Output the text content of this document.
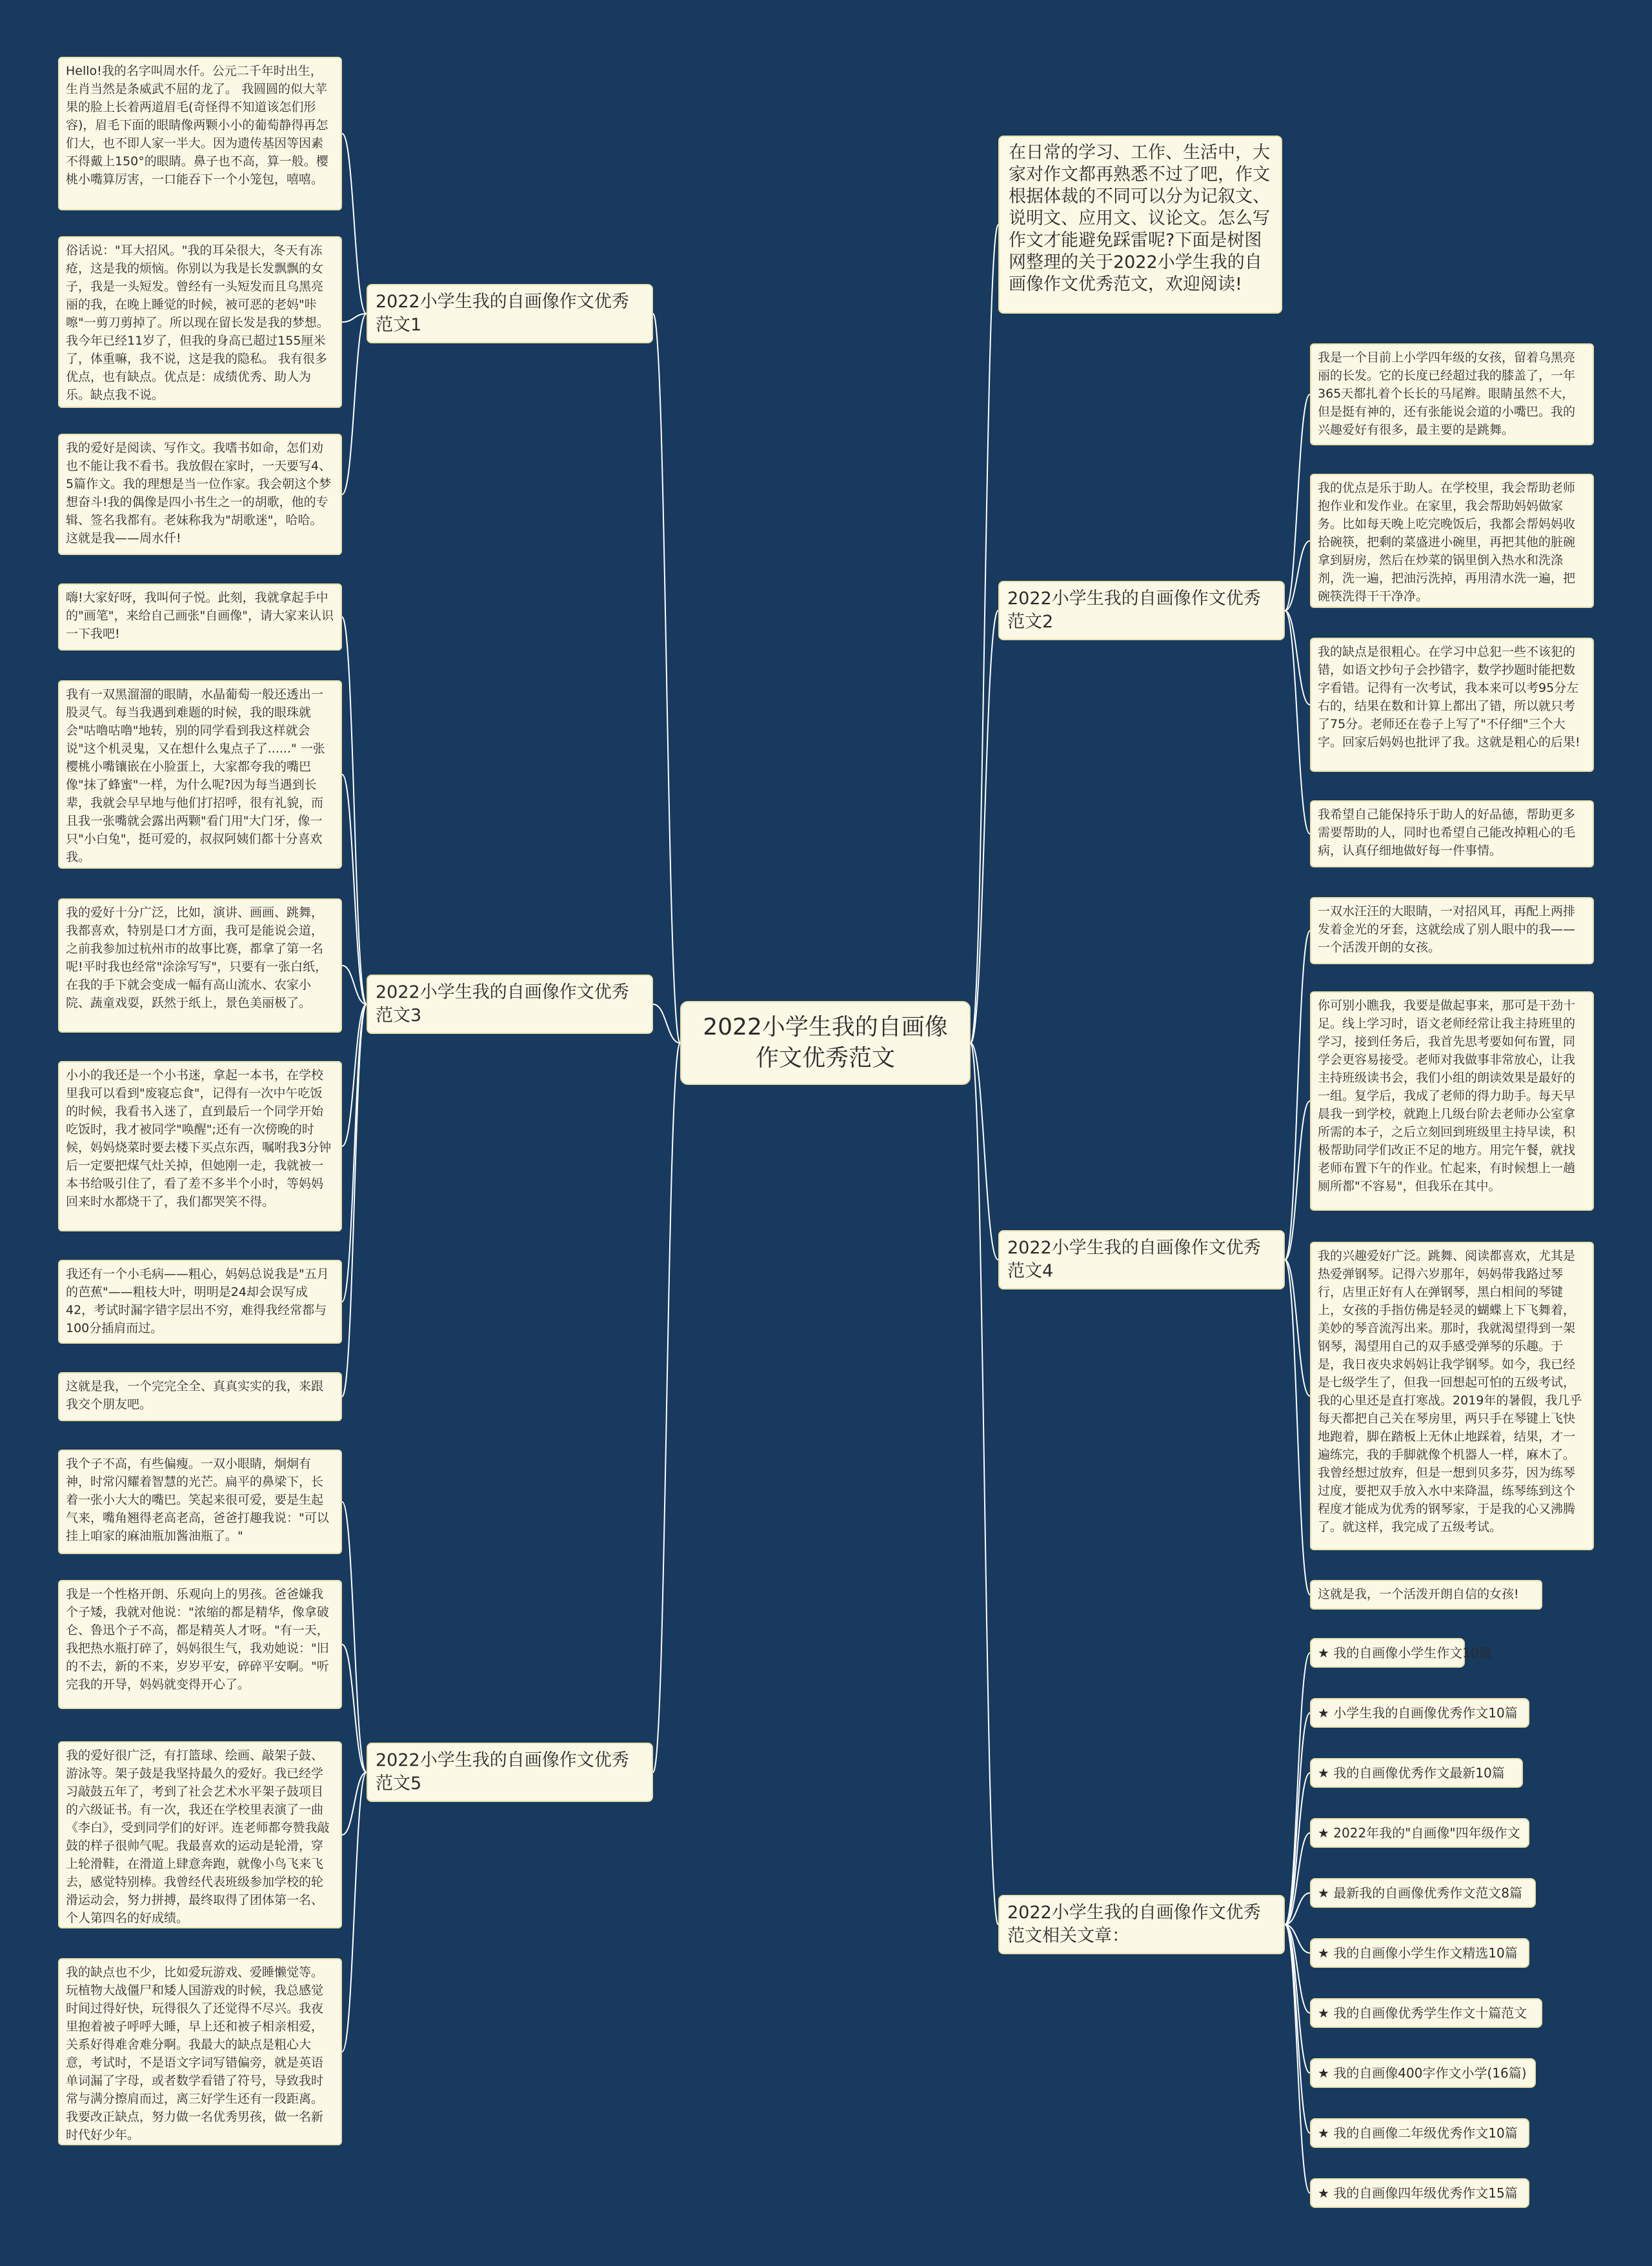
2022小学生我的自画像作文优秀范文
在日常的学习、工作、生活中，大家对作文都再熟悉不过了吧，作文根据体裁的不同可以分为记叙文、说明文、应用文、议论文。怎么写作文才能避免踩雷呢?下面是树图网整理的关于2022小学生我的自画像作文优秀范文，欢迎阅读!
2022小学生我的自画像作文优秀范文1
Hello!我的名字叫周水仟。公元二千年时出生，生肖当然是条威武不屈的龙了。 我圆圆的似大苹果的脸上长着两道眉毛(奇怪得不知道该怎们形容)，眉毛下面的眼睛像两颗小小的葡萄静得再怎们大，也不即人家一半大。因为遗传基因等因素不得戴上150°的眼睛。鼻子也不高，算一般。樱桃小嘴算厉害，一口能吞下一个小笼包，嘻嘻。
俗话说："耳大招风。"我的耳朵很大，冬天有冻疮，这是我的烦恼。你别以为我是长发飘飘的女子，我是一头短发。曾经有一头短发而且乌黑亮丽的我，在晚上睡觉的时候，被可恶的老妈"咔嚓"一剪刀剪掉了。所以现在留长发是我的梦想。我今年已经11岁了，但我的身高已超过155厘米了，体重嘛，我不说，这是我的隐私。 我有很多优点，也有缺点。优点是：成绩优秀、助人为乐。缺点我不说。
我的爱好是阅读、写作文。我嗜书如命，怎们劝也不能让我不看书。我放假在家时，一天要写4、5篇作文。我的理想是当一位作家。我会朝这个梦想奋斗!我的偶像是四小书生之一的胡歌，他的专辑、签名我都有。老妹称我为"胡歌迷"，哈哈。 这就是我——周水仟!
2022小学生我的自画像作文优秀范文3
嗨!大家好呀，我叫何子悦。此刻，我就拿起手中的"画笔"，来给自己画张"自画像"，请大家来认识一下我吧!
我有一双黑溜溜的眼睛，水晶葡萄一般还透出一股灵气。每当我遇到难题的时候，我的眼珠就会"咕噜咕噜"地转，别的同学看到我这样就会说"这个机灵鬼，又在想什么鬼点子了......" 一张樱桃小嘴镶嵌在小脸蛋上，大家都夸我的嘴巴像"抹了蜂蜜"一样，为什么呢?因为每当遇到长辈，我就会早早地与他们打招呼，很有礼貌，而且我一张嘴就会露出两颗"看门用"大门牙，像一只"小白兔"，挺可爱的，叔叔阿姨们都十分喜欢我。
我的爱好十分广泛，比如，演讲、画画、跳舞，我都喜欢，特别是口才方面，我可是能说会道，之前我参加过杭州市的故事比赛，都拿了第一名呢!平时我也经常"涂涂写写"，只要有一张白纸，在我的手下就会变成一幅有高山流水、农家小院、蔬童戏耍，跃然于纸上，景色美丽极了。
小小的我还是一个小书迷，拿起一本书，在学校里我可以看到"废寝忘食"，记得有一次中午吃饭的时候，我看书入迷了，直到最后一个同学开始吃饭时，我才被同学"唤醒";还有一次傍晚的时候，妈妈烧菜时要去楼下买点东西，嘱咐我3分钟后一定要把煤气灶关掉，但她刚一走，我就被一本书给吸引住了，看了差不多半个小时，等妈妈回来时水都烧干了，我们都哭笑不得。
我还有一个小毛病——粗心，妈妈总说我是"五月的芭蕉"——粗枝大叶，明明是24却会误写成42，考试时漏字错字层出不穷，难得我经常都与100分插肩而过。
这就是我，一个完完全全、真真实实的我，来跟我交个朋友吧。
2022小学生我的自画像作文优秀范文5
我个子不高，有些偏瘦。一双小眼睛，炯炯有神，时常闪耀着智慧的光芒。扁平的鼻梁下，长着一张小大大的嘴巴。笑起来很可爱，要是生起气来，嘴角翘得老高老高，爸爸打趣我说："可以挂上咱家的麻油瓶加酱油瓶了。"
我是一个性格开朗、乐观向上的男孩。爸爸嫌我个子矮，我就对他说："浓缩的都是精华，像拿破仑、鲁迅个子不高，都是精英人才呀。"有一天，我把热水瓶打碎了，妈妈很生气，我劝她说："旧的不去，新的不来，岁岁平安，碎碎平安啊。"听完我的开导，妈妈就变得开心了。
我的爱好很广泛，有打篮球、绘画、敲架子鼓、游泳等。架子鼓是我坚持最久的爱好。我已经学习敲鼓五年了，考到了社会艺术水平架子鼓项目的六级证书。有一次，我还在学校里表演了一曲《李白》，受到同学们的好评。连老师都夸赞我敲鼓的样子很帅气呢。我最喜欢的运动是轮滑，穿上轮滑鞋，在滑道上肆意奔跑，就像小鸟飞来飞去，感觉特别棒。我曾经代表班级参加学校的轮滑运动会，努力拼搏，最终取得了团体第一名、个人第四名的好成绩。
我的缺点也不少，比如爱玩游戏、爱睡懒觉等。玩植物大战僵尸和矮人国游戏的时候，我总感觉时间过得好快，玩得很久了还觉得不尽兴。我夜里抱着被子呼呼大睡，早上还和被子相亲相爱，关系好得难舍难分啊。我最大的缺点是粗心大意，考试时，不是语文字词写错偏旁，就是英语单词漏了字母，或者数学看错了符号，导致我时常与满分擦肩而过，离三好学生还有一段距离。我要改正缺点，努力做一名优秀男孩，做一名新时代好少年。
2022小学生我的自画像作文优秀范文2
我是一个目前上小学四年级的女孩，留着乌黑亮丽的长发。它的长度已经超过我的膝盖了，一年365天都扎着个长长的马尾辫。眼睛虽然不大，但是挺有神的，还有张能说会道的小嘴巴。我的兴趣爱好有很多，最主要的是跳舞。
我的优点是乐于助人。在学校里，我会帮助老师抱作业和发作业。在家里，我会帮助妈妈做家务。比如每天晚上吃完晚饭后，我都会帮妈妈收拾碗筷，把剩的菜盛进小碗里，再把其他的脏碗拿到厨房，然后在炒菜的锅里倒入热水和洗涤剂，洗一遍，把油污洗掉，再用清水洗一遍，把碗筷洗得干干净净。
我的缺点是很粗心。在学习中总犯一些不该犯的错，如语文抄句子会抄错字，数学抄题时能把数字看错。记得有一次考试，我本来可以考95分左右的，结果在数和计算上都出了错，所以就只考了75分。老师还在卷子上写了"不仔细"三个大字。回家后妈妈也批评了我。这就是粗心的后果!
我希望自己能保持乐于助人的好品德，帮助更多需要帮助的人，同时也希望自己能改掉粗心的毛病，认真仔细地做好每一件事情。
2022小学生我的自画像作文优秀范文4
一双水汪汪的大眼睛，一对招风耳，再配上两排发着金光的牙套，这就绘成了别人眼中的我——一个活泼开朗的女孩。
你可别小瞧我，我要是做起事来，那可是干劲十足。线上学习时，语文老师经常让我主持班里的学习，接到任务后，我首先思考要如何布置，同学会更容易接受。老师对我做事非常放心，让我主持班级读书会，我们小组的朗读效果是最好的一组。复学后，我成了老师的得力助手。每天早晨我一到学校，就跑上几级台阶去老师办公室拿所需的本子，之后立刻回到班级里主持早读，积极帮助同学们改正不足的地方。用完午餐，就找老师布置下午的作业。忙起来，有时候想上一趟厕所都"不容易"，但我乐在其中。
我的兴趣爱好广泛。跳舞、阅读都喜欢，尤其是热爱弹钢琴。记得六岁那年，妈妈带我路过琴行，店里正好有人在弹钢琴，黑白相间的琴键上，女孩的手指仿佛是轻灵的蝴蝶上下飞舞着，美妙的琴音流泻出来。那时，我就渴望得到一架钢琴，渴望用自己的双手感受弹琴的乐趣。于是，我日夜央求妈妈让我学钢琴。如今，我已经是七级学生了，但我一回想起可怕的五级考试，我的心里还是直打寒战。2019年的暑假，我几乎每天都把自己关在琴房里，两只手在琴键上飞快地跑着，脚在踏板上无休止地踩着，结果，才一遍练完，我的手脚就像个机器人一样，麻木了。我曾经想过放弃，但是一想到贝多芬，因为练琴过度，要把双手放入水中来降温，练琴练到这个程度才能成为优秀的钢琴家，于是我的心又沸腾了。就这样，我完成了五级考试。
这就是我，一个活泼开朗自信的女孩!
2022小学生我的自画像作文优秀范文相关文章：
★ 我的自画像小学生作文10篇
★ 小学生我的自画像优秀作文10篇
★ 我的自画像优秀作文最新10篇
★ 2022年我的"自画像"四年级作文
★ 最新我的自画像优秀作文范文8篇
★ 我的自画像小学生作文精选10篇
★ 我的自画像优秀学生作文十篇范文
★ 我的自画像400字作文小学(16篇)
★ 我的自画像二年级优秀作文10篇
★ 我的自画像四年级优秀作文15篇
